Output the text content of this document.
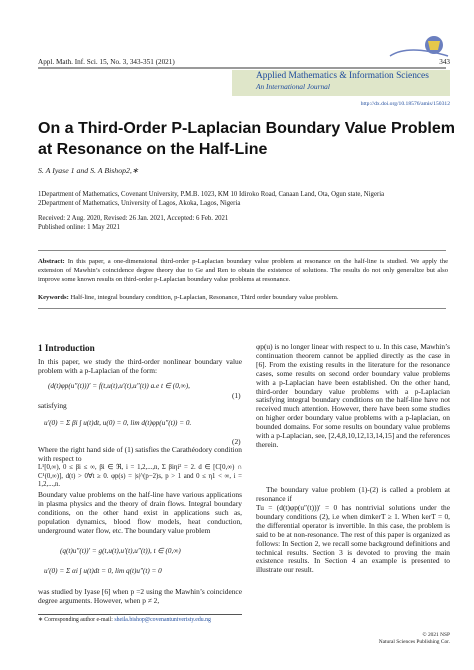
Appl. Math. Inf. Sci. 15, No. 3, 343-351 (2021)	343
Applied Mathematics & Information Sciences
An International Journal
http://dx.doi.org/10.18576/amis/150312
On a Third-Order P-Laplacian Boundary Value Problem
at Resonance on the Half-Line
S. A Iyase 1 and S. A Bishop2,∗
1Department of Mathematics, Covenant University, P.M.B. 1023, KM 10 Idiroko Road, Canaan Land, Ota, Ogun state, Nigeria
2Department of Mathematics, University of Lagos, Akoka, Lagos, Nigeria
Received: 2 Aug. 2020, Revised: 26 Jan. 2021, Accepted: 6 Feb. 2021
Published online: 1 May 2021
Abstract: In this paper, a one-dimensional third-order p-Laplacian boundary value problem at resonance on the half-line is studied. We apply the extension of Mawhin’s coincidence degree theory due to Ge and Ren to obtain the existence of solutions. The results do not only generalize but also improve some known results on third-order p-Laplacian boundary value problems at resonance.
Keywords: Half-line, integral boundary condition, p-Laplacian, Resonance, Third order boundary value problem.
1 Introduction
In this paper, we study the third-order nonlinear boundary value problem with a p-Laplacian of the form:
(d(t)φp(u″(t)))′ = f(t,u(t),u′(t),u″(t)) a.e t ∈ (0,∞),
(1)
satisfying
u′(0) = Σ βi ∫ u(t)dt, u(0) = 0, lim d(t)φp(u″(t)) = 0.
(2)
Where the right hand side of (1) satisfies the Carathéodory condition with respect to
L¹[0,∞), 0 ≤ βi ≤ ∞, βi ∈ ℜ, i = 1,2,...,n, Σ βiηi² = 2. d ∈ [C[0,∞) ∩ C¹(0,∞)], d(t) > 0∀t ≥ 0. φp(s) = |s|^(p−2)s, p > 1 and 0 ≤ η1 < ∞, i = 1,2,...,n.
Boundary value problems on the half-line have various applications in plasma physics and the theory of drain flows. Integral boundary conditions, on the other hand exist in applications such as, population dynamics, blood flow models, heat conduction, underground water flow, etc. The boundary value problem
(q(t)u″(t))′ = g(t,u(t),u′(t),u″(t)), t ∈ (0,∞)
u′(0) = Σ αi ∫ u(t)dt = 0, lim q(t)u″(t) = 0
was studied by Iyase [6] when p =2 using the Mawhin’s coincidence degree arguments. However, when p ≠ 2,
φp(u) is no longer linear with respect to u. In this case, Mawhin’s continuation theorem cannot be applied directly as the case in [6]. From the existing results in the literature for the resonance cases, some results on second order boundary value problems with a p-Laplacian have been established. On the other hand, third-order boundary value problems with a p-Laplacian satisfying integral boundary conditions on the half-line have not received much attention. However, there have been some studies on higher order boundary value problems with a p-laplacian, on bounded domains. For some results on boundary value problems with a p-Laplacian, see, [2,4,8,10,12,13,14,15] and the references therein.
The boundary value problem (1)-(2) is called a problem at resonance if
Tu = (d(t)φp(u″(t)))′ = 0 has nontrivial solutions under the boundary conditions (2), i.e when dimkerT ≥ 1. When kerT = 0, the differential operator is invertible. In this case, the problem is said to be at non-resonance. The rest of this paper is organized as follows: In Section 2, we recall some background definitions and technical results. Section 3 is devoted to proving the main existence results. In Section 4 an example is presented to illustrate our result.
∗ Corresponding author e-mail: sheila.bishop@covenantuniveristy.edu.ng
© 2021 NSP
Natural Sciences Publishing Cor.
